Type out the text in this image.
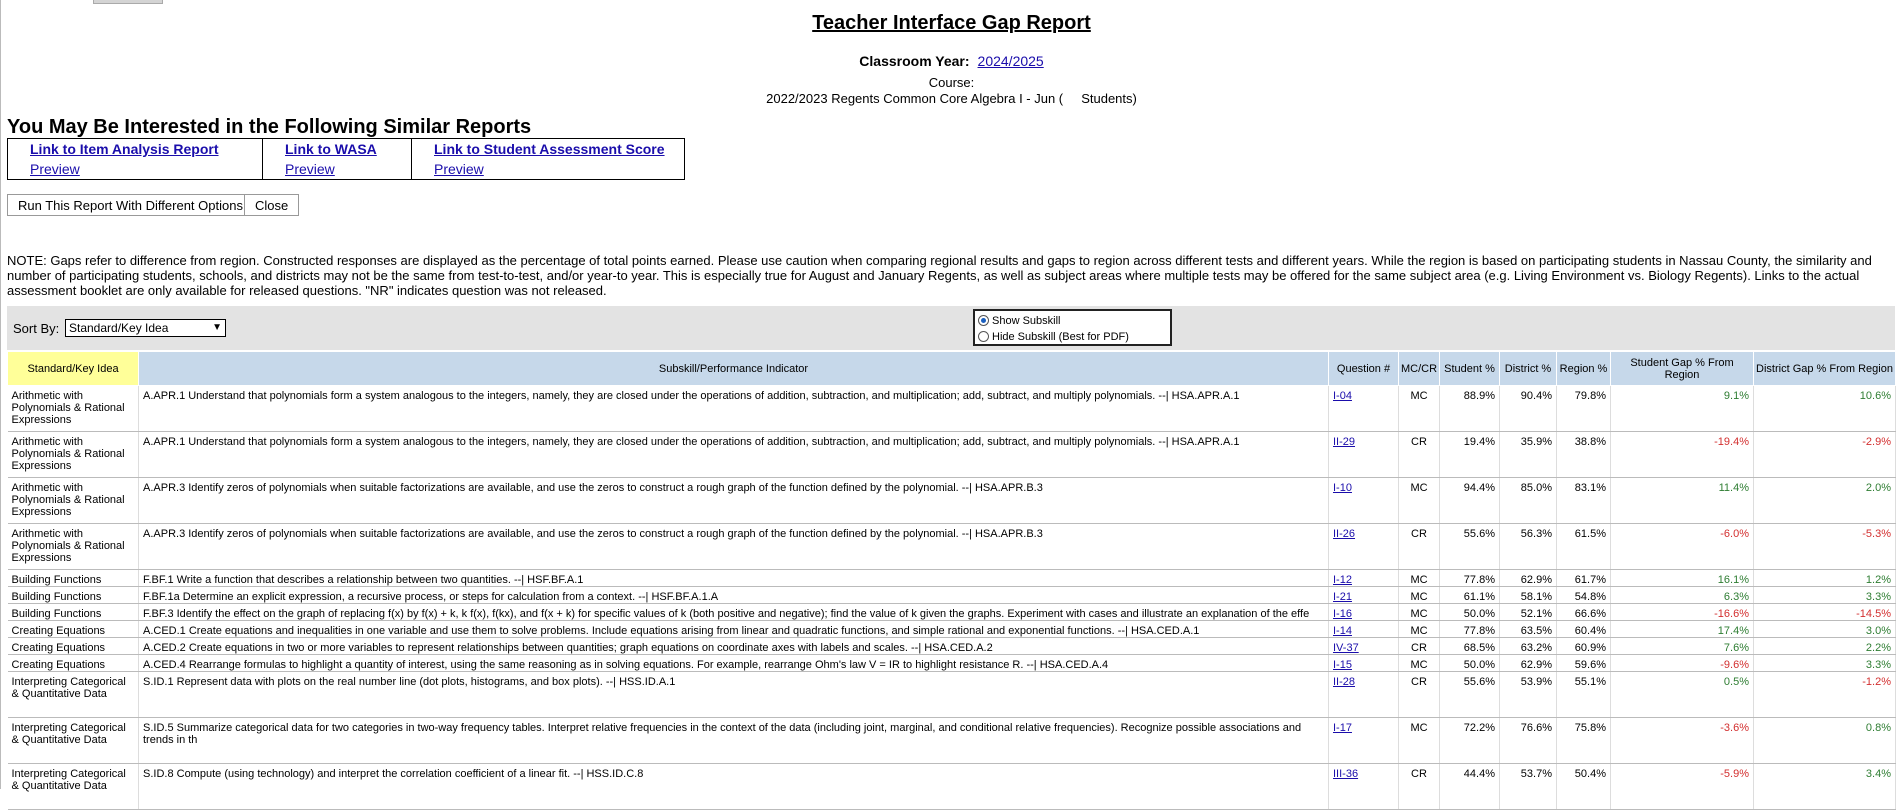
Teacher Interface Gap Report
Classroom Year: 2024/2025
Course:
2022/2023 Regents Common Core Algebra I - Jun (     Students)
You May Be Interested in the Following Similar Reports
Link to Item Analysis Report	Link to WASA	Link to Student Assessment Score
Preview	Preview	Preview
Run This Report With Different Options Close
NOTE: Gaps refer to difference from region. Constructed responses are displayed as the percentage of total points earned. Please use caution when comparing regional results and gaps to region across different tests and different years. While the region is based on participating students in Nassau County, the similarity and number of participating students, schools, and districts may not be the same from test-to-test, and/or year-to year. This is especially true for August and January Regents, as well as subject areas where multiple tests may be offered for the same subject area (e.g. Living Environment vs. Biology Regents). Links to the actual assessment booklet are only available for released questions. "NR" indicates question was not released.
Sort By: Standard/Key Idea	▼
Show Subskill
Hide Subskill (Best for PDF)
Standard/Key Idea	Subskill/Performance Indicator	Question #	MC/CR	Student %	District %	Region %	Student Gap % From Region	District Gap % From Region
Arithmetic with Polynomials & Rational Expressions	A.APR.1 Understand that polynomials form a system analogous to the integers, namely, they are closed under the operations of addition, subtraction, and multiplication; add, subtract, and multiply polynomials. --| HSA.APR.A.1	I-04	MC	88.9%	90.4%	79.8%	9.1%	10.6%
Arithmetic with Polynomials & Rational Expressions	A.APR.1 Understand that polynomials form a system analogous to the integers, namely, they are closed under the operations of addition, subtraction, and multiplication; add, subtract, and multiply polynomials. --| HSA.APR.A.1	II-29	CR	19.4%	35.9%	38.8%	-19.4%	-2.9%
Arithmetic with Polynomials & Rational Expressions	A.APR.3 Identify zeros of polynomials when suitable factorizations are available, and use the zeros to construct a rough graph of the function defined by the polynomial. --| HSA.APR.B.3	I-10	MC	94.4%	85.0%	83.1%	11.4%	2.0%
Arithmetic with Polynomials & Rational Expressions	A.APR.3 Identify zeros of polynomials when suitable factorizations are available, and use the zeros to construct a rough graph of the function defined by the polynomial. --| HSA.APR.B.3	II-26	CR	55.6%	56.3%	61.5%	-6.0%	-5.3%
Building Functions	F.BF.1 Write a function that describes a relationship between two quantities. --| HSF.BF.A.1	I-12	MC	77.8%	62.9%	61.7%	16.1%	1.2%
Building Functions	F.BF.1a Determine an explicit expression, a recursive process, or steps for calculation from a context. --| HSF.BF.A.1.A	I-21	MC	61.1%	58.1%	54.8%	6.3%	3.3%
Building Functions	F.BF.3 Identify the effect on the graph of replacing f(x) by f(x) + k, k f(x), f(kx), and f(x + k) for specific values of k (both positive and negative); find the value of k given the graphs. Experiment with cases and illustrate an explanation of the effe	I-16	MC	50.0%	52.1%	66.6%	-16.6%	-14.5%
Creating Equations	A.CED.1 Create equations and inequalities in one variable and use them to solve problems. Include equations arising from linear and quadratic functions, and simple rational and exponential functions. --| HSA.CED.A.1	I-14	MC	77.8%	63.5%	60.4%	17.4%	3.0%
Creating Equations	A.CED.2 Create equations in two or more variables to represent relationships between quantities; graph equations on coordinate axes with labels and scales. --| HSA.CED.A.2	IV-37	CR	68.5%	63.2%	60.9%	7.6%	2.2%
Creating Equations	A.CED.4 Rearrange formulas to highlight a quantity of interest, using the same reasoning as in solving equations. For example, rearrange Ohm's law V = IR to highlight resistance R. --| HSA.CED.A.4	I-15	MC	50.0%	62.9%	59.6%	-9.6%	3.3%
Interpreting Categorical & Quantitative Data	S.ID.1 Represent data with plots on the real number line (dot plots, histograms, and box plots). --| HSS.ID.A.1	II-28	CR	55.6%	53.9%	55.1%	0.5%	-1.2%
Interpreting Categorical & Quantitative Data	S.ID.5 Summarize categorical data for two categories in two-way frequency tables. Interpret relative frequencies in the context of the data (including joint, marginal, and conditional relative frequencies). Recognize possible associations and trends in th	I-17	MC	72.2%	76.6%	75.8%	-3.6%	0.8%
Interpreting Categorical & Quantitative Data	S.ID.8 Compute (using technology) and interpret the correlation coefficient of a linear fit. --| HSS.ID.C.8	III-36	CR	44.4%	53.7%	50.4%	-5.9%	3.4%
